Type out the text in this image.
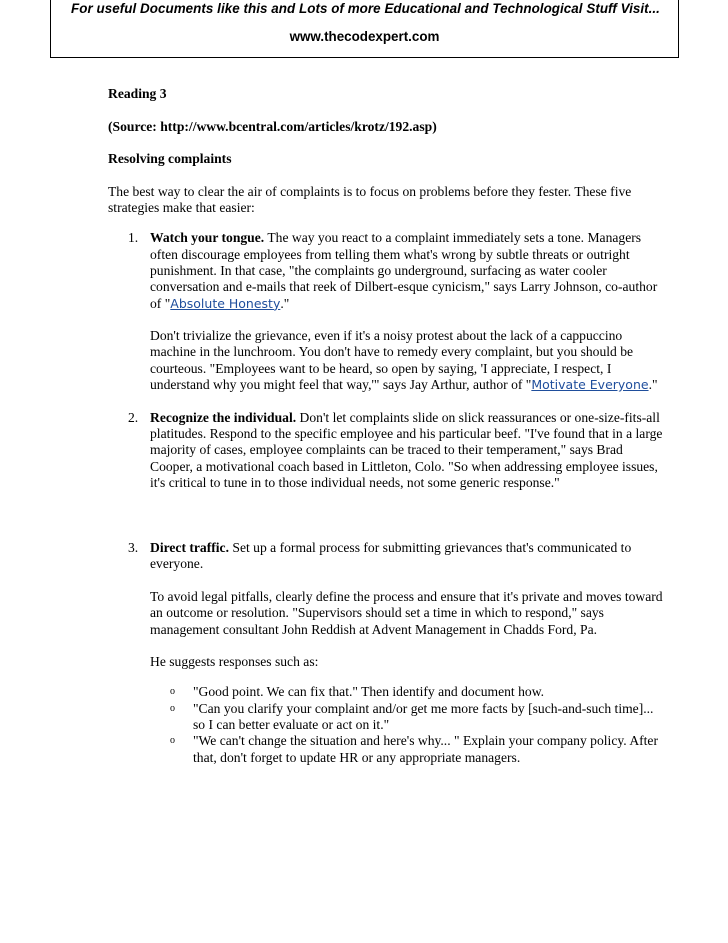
For useful Documents like this and Lots of more Educational and Technological Stuff Visit...
www.thecodexpert.com

Reading 3

(Source: http://www.bcentral.com/articles/krotz/192.asp)

Resolving complaints

The best way to clear the air of complaints is to focus on problems before they fester. These five strategies make that easier:

1. Watch your tongue. The way you react to a complaint immediately sets a tone. Managers often discourage employees from telling them what's wrong by subtle threats or outright punishment. In that case, "the complaints go underground, surfacing as water cooler conversation and e-mails that reek of Dilbert-esque cynicism," says Larry Johnson, co-author of "Absolute Honesty."

Don't trivialize the grievance, even if it's a noisy protest about the lack of a cappuccino machine in the lunchroom. You don't have to remedy every complaint, but you should be courteous. "Employees want to be heard, so open by saying, 'I appreciate, I respect, I understand why you might feel that way,'" says Jay Arthur, author of "Motivate Everyone."

2. Recognize the individual. Don't let complaints slide on slick reassurances or one-size-fits-all platitudes. Respond to the specific employee and his particular beef. "I've found that in a large majority of cases, employee complaints can be traced to their temperament," says Brad Cooper, a motivational coach based in Littleton, Colo. "So when addressing employee issues, it's critical to tune in to those individual needs, not some generic response."

3. Direct traffic. Set up a formal process for submitting grievances that's communicated to everyone.

To avoid legal pitfalls, clearly define the process and ensure that it's private and moves toward an outcome or resolution. "Supervisors should set a time in which to respond," says management consultant John Reddish at Advent Management in Chadds Ford, Pa.

He suggests responses such as:

o "Good point. We can fix that." Then identify and document how.
o "Can you clarify your complaint and/or get me more facts by [such-and-such time]... so I can better evaluate or act on it."
o "We can't change the situation and here's why... " Explain your company policy. After that, don't forget to update HR or any appropriate managers.
